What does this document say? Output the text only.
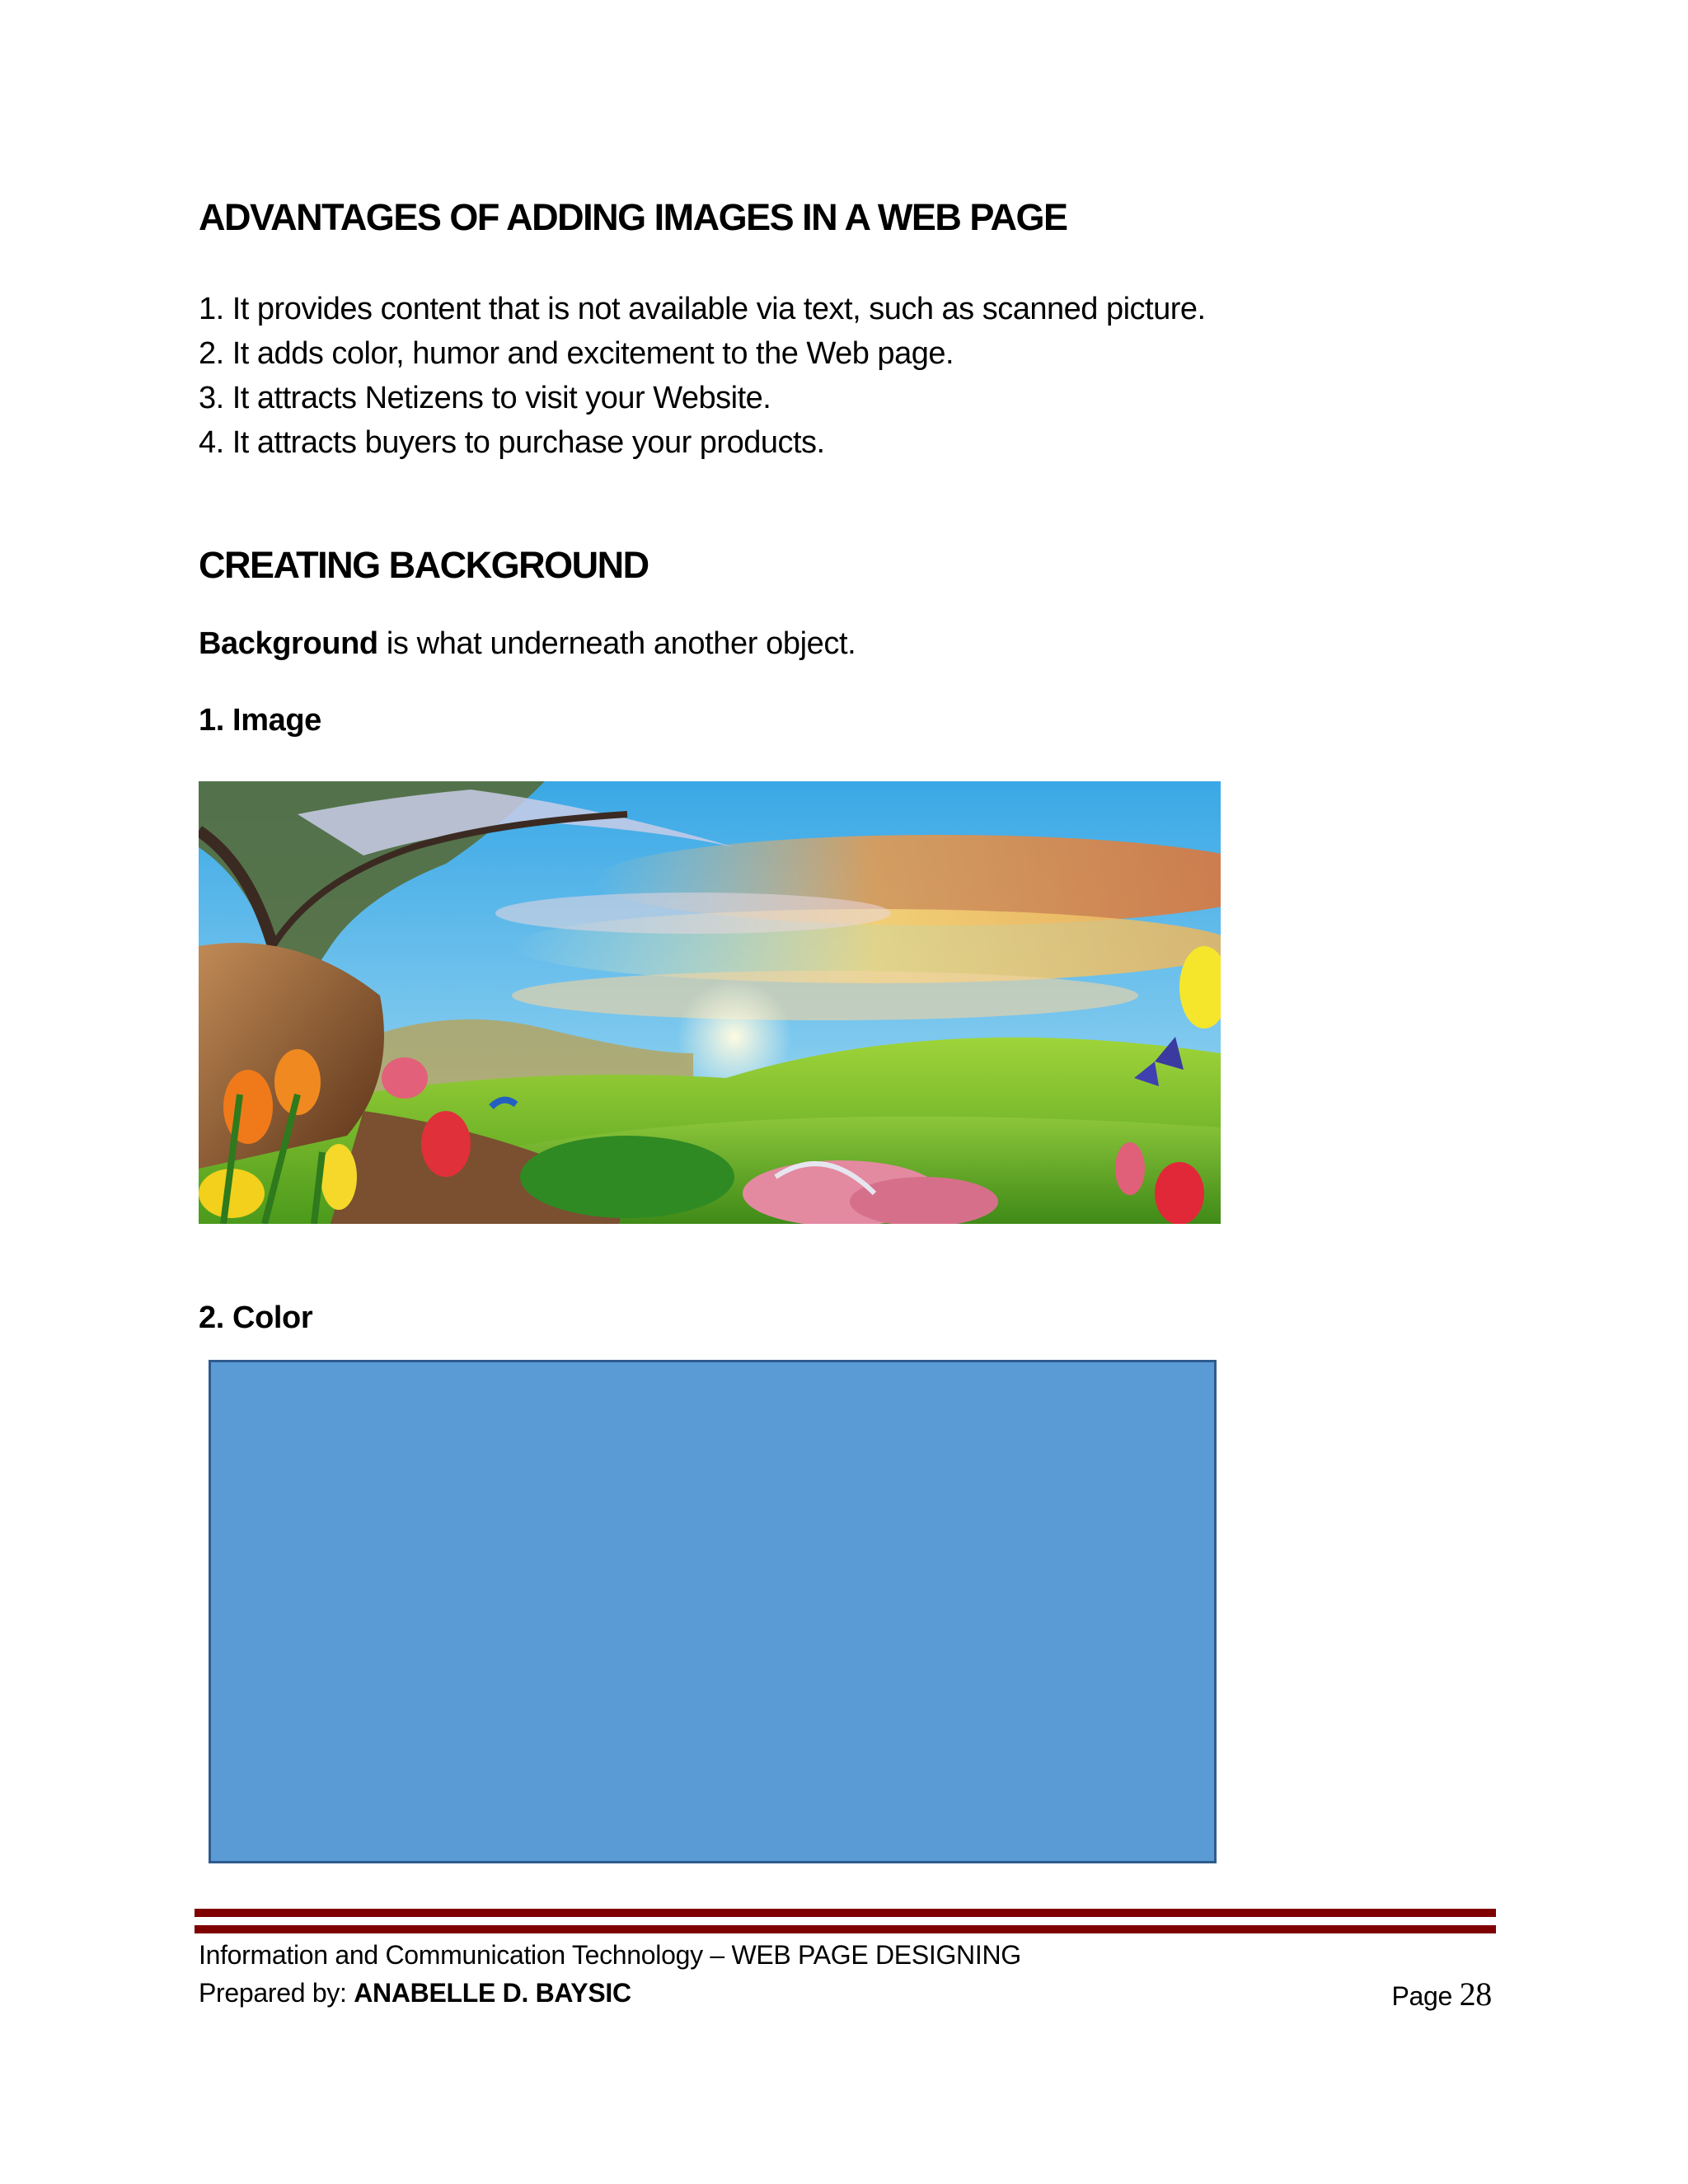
ADVANTAGES OF ADDING IMAGES IN A WEB PAGE
1. It provides content that is not available via text, such as scanned picture.
2. It adds color, humor and excitement to the Web page.
3. It attracts Netizens to visit your Website.
4. It attracts buyers to purchase your products.
CREATING BACKGROUND
Background is what underneath another object.
1. Image
2. Color
Information and Communication Technology – WEB PAGE DESIGNING
Prepared by: ANABELLE D. BAYSIC	Page 28
